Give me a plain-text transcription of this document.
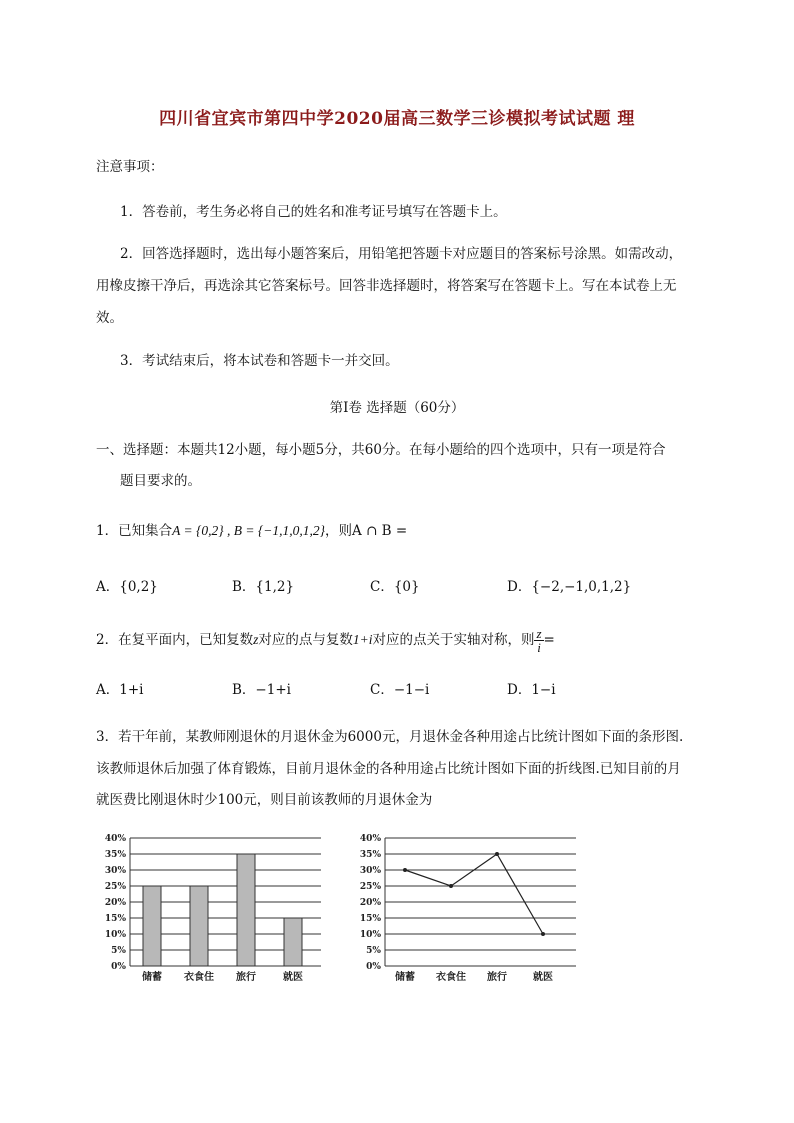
四川省宜宾市第四中学2020届高三数学三诊模拟考试试题 理
注意事项：
1．答卷前，考生务必将自己的姓名和准考证号填写在答题卡上。
2．回答选择题时，选出每小题答案后，用铅笔把答题卡对应题目的答案标号涂黑。如需改动，
用橡皮擦干净后，再选涂其它答案标号。回答非选择题时，将答案写在答题卡上。写在本试卷上无
效。
3．考试结束后，将本试卷和答题卡一并交回。
第Ⅰ卷 选择题（60分）
一、选择题：本题共12小题，每小题5分，共60分。在每小题给的四个选项中，只有一项是符合
题目要求的。
1．已知集合A = {0,2} , B = {−1,1,0,1,2}，则A ∩ B =
A．{0,2}	B．{1,2}	C．{0}	D．{−2,−1,0,1,2}
2．在复平面内，已知复数z对应的点与复数1+i对应的点关于实轴对称，则 $\frac{z}{i}$ =
A．1+i	B．−1+i	C．−1−i	D．1−i
3．若干年前，某教师刚退休的月退休金为6000元，月退休金各种用途占比统计图如下面的条形图.
该教师退休后加强了体育锻炼，目前月退休金的各种用途占比统计图如下面的折线图.已知目前的月
就医费比刚退休时少100元，则目前该教师的月退休金为
0%
5%
10%
15%
20%
25%
30%
35%
40%
储蓄 衣食住 旅行	就医
0%
5%
10%
15%
20%
25%
30%
35%
40%
储蓄 衣食住 旅行	就医
